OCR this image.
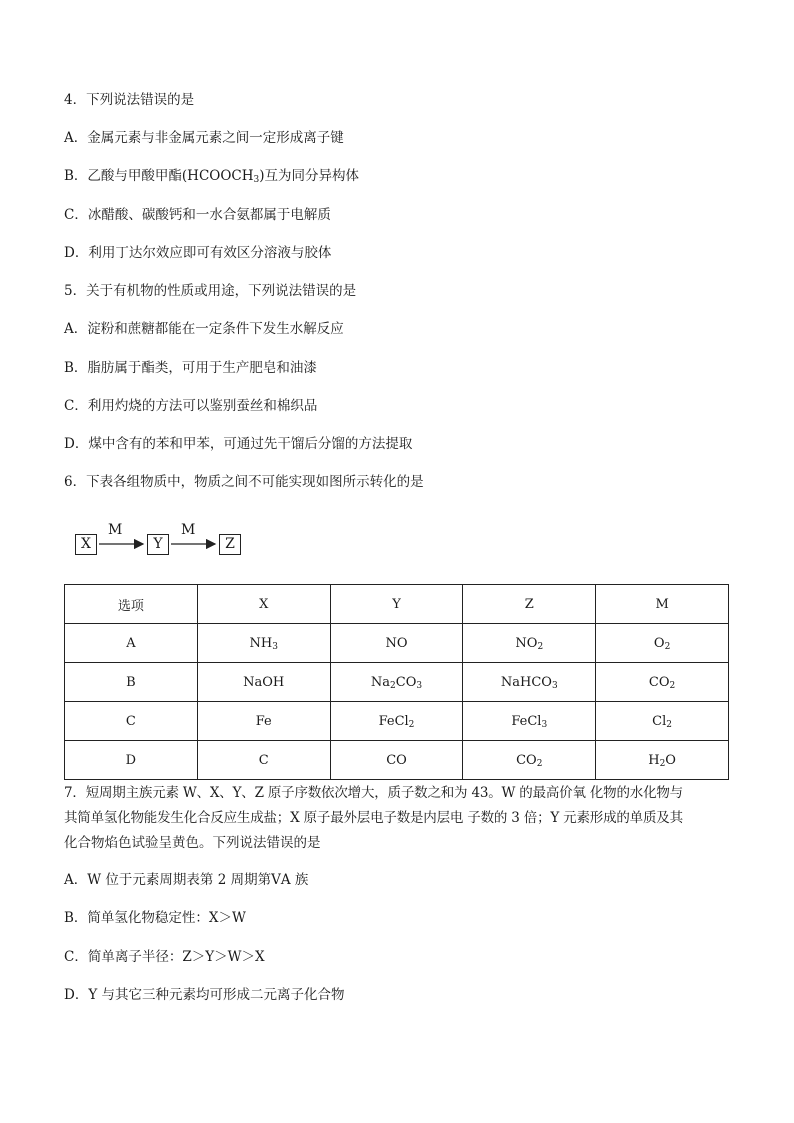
4．下列说法错误的是
A．金属元素与非金属元素之间一定形成离子键
B．乙酸与甲酸甲酯$(HCOOCH_3)$互为同分异构体
C．冰醋酸、碳酸钙和一水合氨都属于电解质
D．利用丁达尔效应即可有效区分溶液与胶体
5．关于有机物的性质或用途，下列说法错误的是
A．淀粉和蔗糖都能在一定条件下发生水解反应
B．脂肪属于酯类，可用于生产肥皂和油漆
C．利用灼烧的方法可以鉴别蚕丝和棉织品
D．煤中含有的苯和甲苯，可通过先干馏后分馏的方法提取
6．下表各组物质中，物质之间不可能实现如图所示转化的是
X
M
Y
M
Z
选项	X	Y	Z	M
A	$NH_3$	NO	$NO_2$	$O_2$
B	NaOH	$Na_2CO_3$	NaHCO$_3$	$CO_2$
C	Fe	FeCl$_2$	FeCl$_3$	$Cl_2$
D	C	CO	$CO_2$	$H_2O$
7．短周期主族元素 W、X、Y、Z 原子序数依次增大，质子数之和为 43。W 的最高价氧 化物的水化物与
其简单氢化物能发生化合反应生成盐；X 原子最外层电子数是内层电 子数的 3 倍；Y 元素形成的单质及其
化合物焰色试验呈黄色。下列说法错误的是
A．W 位于元素周期表第 2 周期第ⅤA 族
B．简单氢化物稳定性：X＞W
C．简单离子半径：Z＞Y＞W＞X
D．Y 与其它三种元素均可形成二元离子化合物
